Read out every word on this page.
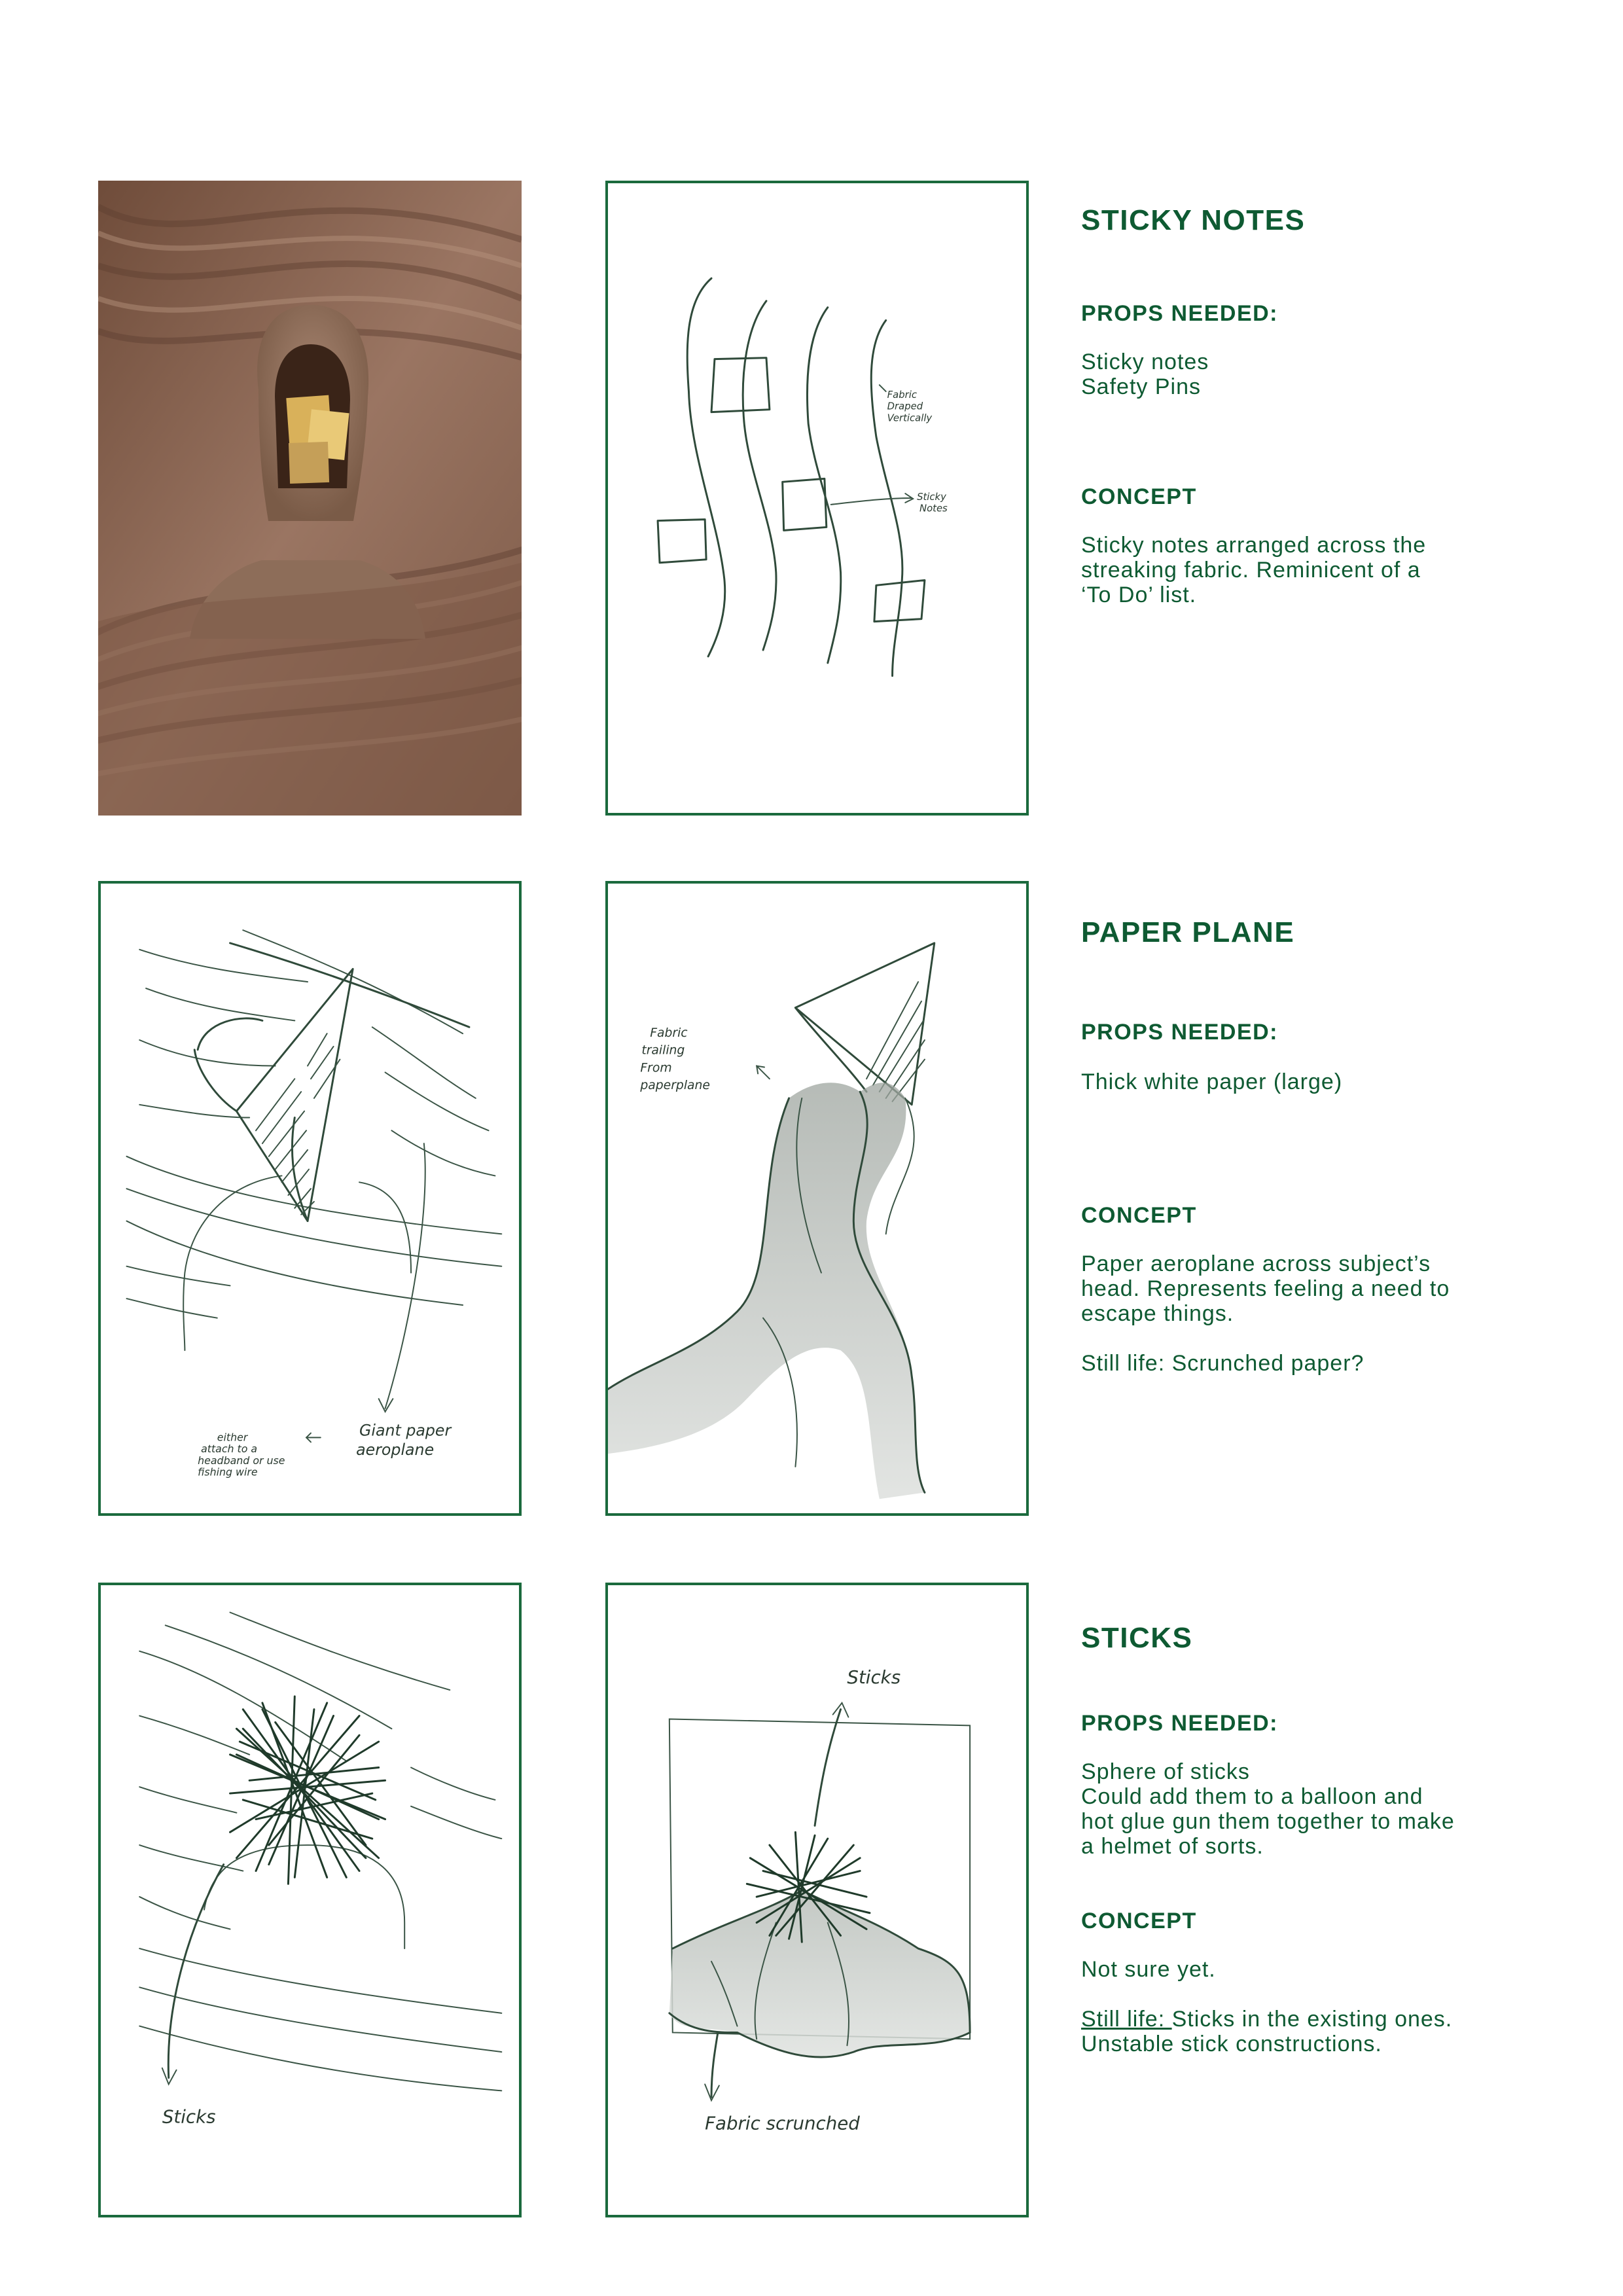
Sticky
Notes
Fabric
Draped
Vertically

STICKY NOTES

PROPS NEEDED:

Sticky notes

Safety Pins

CONCEPT

Sticky notes arranged across the

streaking fabric. Reminicent of a

‘To Do’ list.

Giant paper
aeroplane
either
attach to a
headband or use
fishing wire
Fabric
trailing
From
paperplane

PAPER PLANE

PROPS NEEDED:

Thick white paper (large)

CONCEPT

Paper aeroplane across subject’s

head. Represents feeling a need to

escape things.

Still life: Scrunched paper?

Sticks
Sticks
Fabric scrunched

STICKS

PROPS NEEDED:

Sphere of sticks

Could add them to a balloon and

hot glue gun them together to make

a helmet of sorts.

CONCEPT

Not sure yet.

Still life: Sticks in the existing ones.

Unstable stick constructions.
